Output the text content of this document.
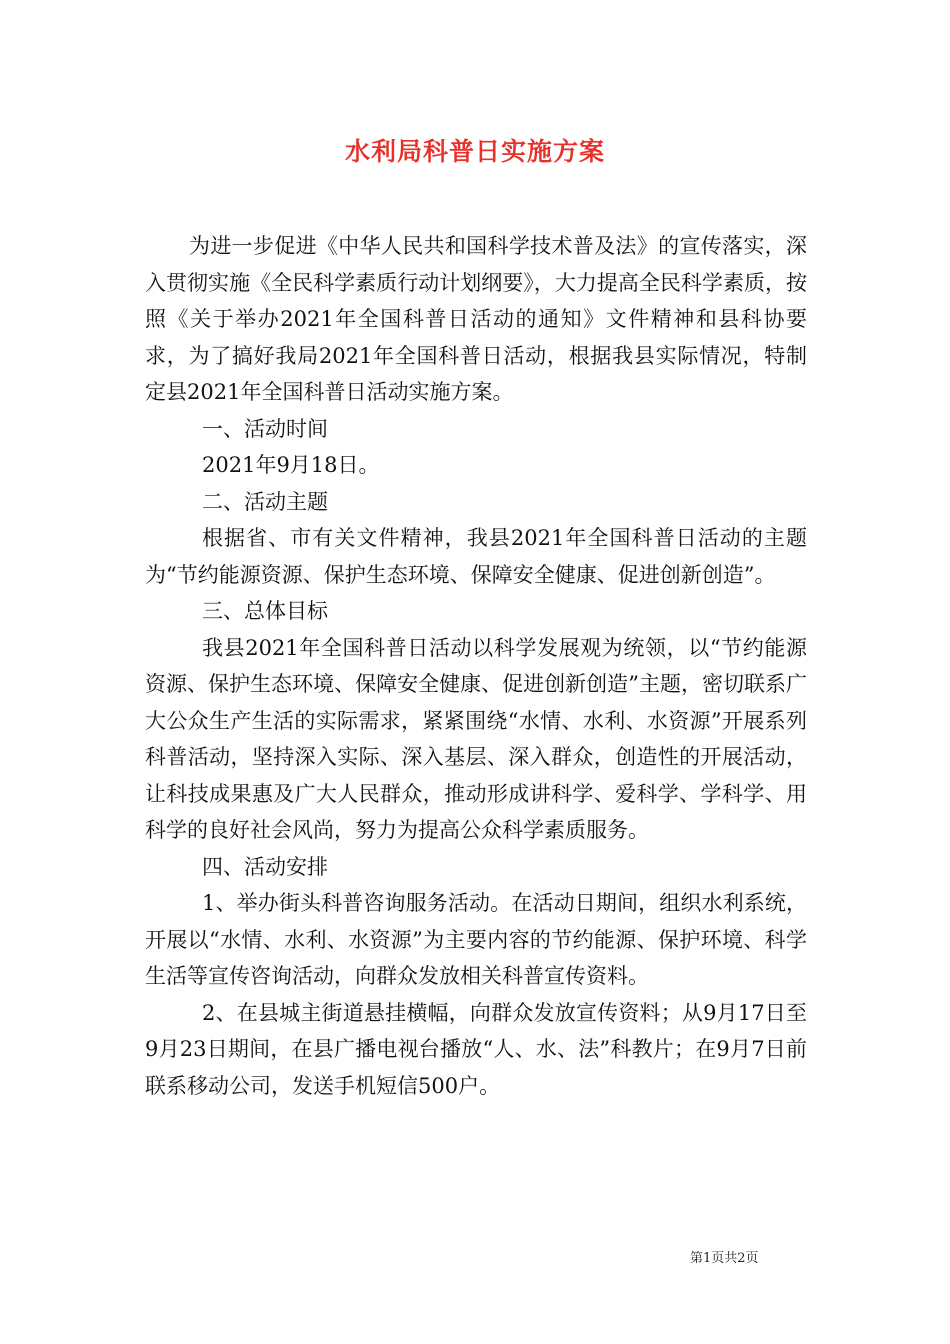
水利局科普日实施方案

为进一步促进《中华人民共和国科学技术普及法》的宣传落实，深入贯彻实施《全民科学素质行动计划纲要》，大力提高全民科学素质，按照《关于举办2021年全国科普日活动的通知》文件精神和县科协要求，为了搞好我局2021年全国科普日活动，根据我县实际情况，特制定县2021年全国科普日活动实施方案。

一、活动时间

2021年9月18日。

二、活动主题

根据省、市有关文件精神，我县2021年全国科普日活动的主题为“节约能源资源、保护生态环境、保障安全健康、促进创新创造”。

三、总体目标

我县2021年全国科普日活动以科学发展观为统领，以“节约能源资源、保护生态环境、保障安全健康、促进创新创造”主题，密切联系广大公众生产生活的实际需求，紧紧围绕“水情、水利、水资源”开展系列科普活动，坚持深入实际、深入基层、深入群众，创造性的开展活动，让科技成果惠及广大人民群众，推动形成讲科学、爱科学、学科学、用科学的良好社会风尚，努力为提高公众科学素质服务。

四、活动安排

1、举办街头科普咨询服务活动。在活动日期间，组织水利系统，开展以“水情、水利、水资源”为主要内容的节约能源、保护环境、科学生活等宣传咨询活动，向群众发放相关科普宣传资料。

2、在县城主街道悬挂横幅，向群众发放宣传资料；从9月17日至9月23日期间，在县广播电视台播放“人、水、法”科教片；在9月7日前联系移动公司，发送手机短信500户。

第1页共2页
